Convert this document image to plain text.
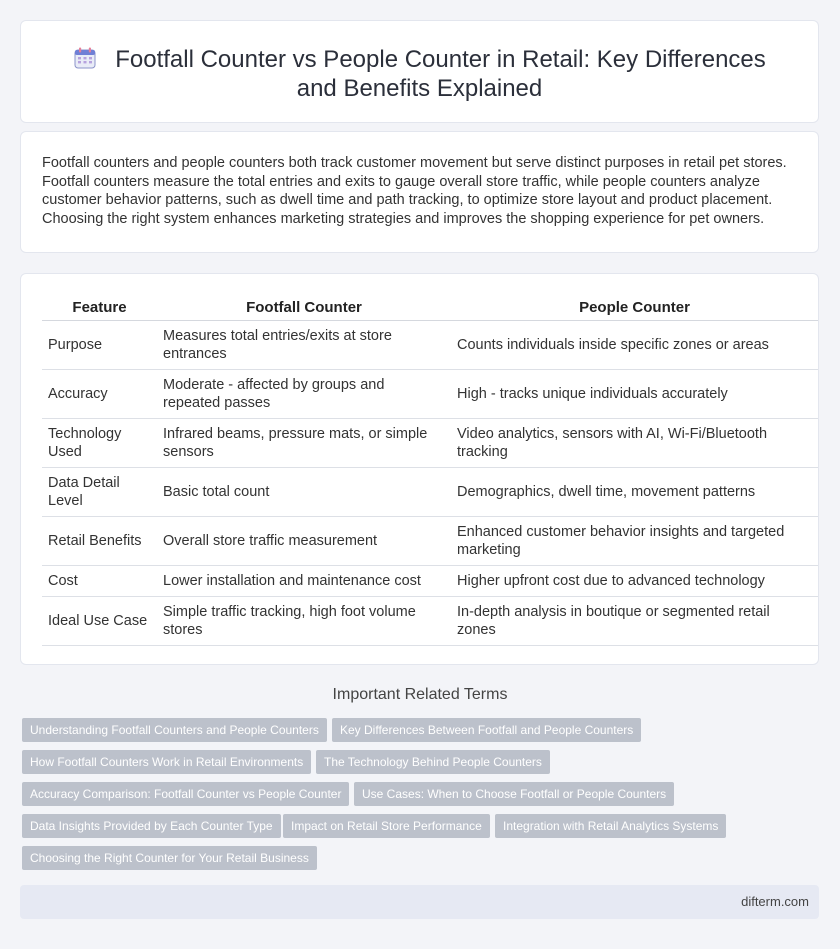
Footfall Counter vs People Counter in Retail: Key Differences and Benefits Explained

Footfall counters and people counters both track customer movement but serve distinct purposes in retail pet stores. Footfall counters measure the total entries and exits to gauge overall store traffic, while people counters analyze customer behavior patterns, such as dwell time and path tracking, to optimize store layout and product placement. Choosing the right system enhances marketing strategies and improves the shopping experience for pet owners.

Feature	Footfall Counter	People Counter
Purpose	Measures total entries/exits at store entrances	Counts individuals inside specific zones or areas
Accuracy	Moderate - affected by groups and repeated passes	High - tracks unique individuals accurately
Technology Used	Infrared beams, pressure mats, or simple sensors	Video analytics, sensors with AI, Wi-Fi/Bluetooth tracking
Data Detail Level	Basic total count	Demographics, dwell time, movement patterns
Retail Benefits	Overall store traffic measurement	Enhanced customer behavior insights and targeted marketing
Cost	Lower installation and maintenance cost	Higher upfront cost due to advanced technology
Ideal Use Case	Simple traffic tracking, high foot volume stores	In-depth analysis in boutique or segmented retail zones
Important Related Terms
Understanding Footfall Counters and People Counters	Key Differences Between Footfall and People Counters
How Footfall Counters Work in Retail Environments	The Technology Behind People Counters
Accuracy Comparison: Footfall Counter vs People Counter	Use Cases: When to Choose Footfall or People Counters
Data Insights Provided by Each Counter Type	Impact on Retail Store Performance	Integration with Retail Analytics Systems
Choosing the Right Counter for Your Retail Business
difterm.com
